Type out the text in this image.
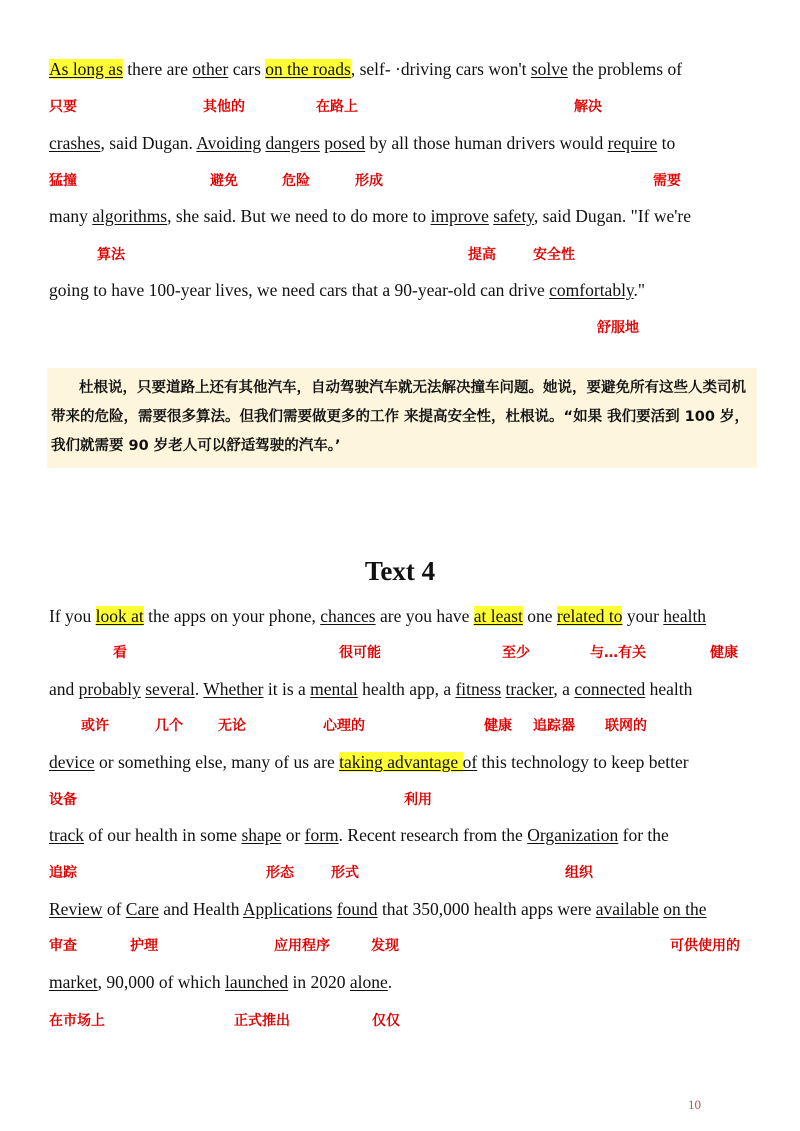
As long as there are other cars on the roads, self- ·driving cars won't solve the problems of
只要	其他的	在路上	解决
crashes, said Dugan. Avoiding dangers posed by all those human drivers would require to
猛撞	避免	危险	形成	需要
many algorithms, she said. But we need to do more to improve safety, said Dugan. "If we're
算法	提高	安全性
going to have 100-year lives, we need cars that a 90-year-old can drive comfortably."
舒服地

杜根说，只要道路上还有其他汽车，自动驾驶汽车就无法解决撞车问题。她说，要避免所有这些人类司机带来的危险，需要很多算法。但我们需要做更多的工作 来提高安全性，杜根说。“如果 我们要活到 100 岁，我们就需要 90 岁老人可以舒适驾驶的汽车。’

Text 4
If you look at the apps on your phone, chances are you have at least one related to your health
看	很可能	至少	与…有关	健康
and probably several. Whether it is a mental health app, a fitness tracker, a connected health
或许	几个	无论	心理的	健康 追踪器 联网的
device or something else, many of us are taking advantage of this technology to keep better
设备	利用
track of our health in some shape or form. Recent research from the Organization for the
追踪	形态	形式	组织
Review of Care and Health Applications found that 350,000 health apps were available on the
审查	护理	应用程序	发现	可供使用的
market, 90,000 of which launched in 2020 alone.
在市场上	正式推出	仅仅
10
